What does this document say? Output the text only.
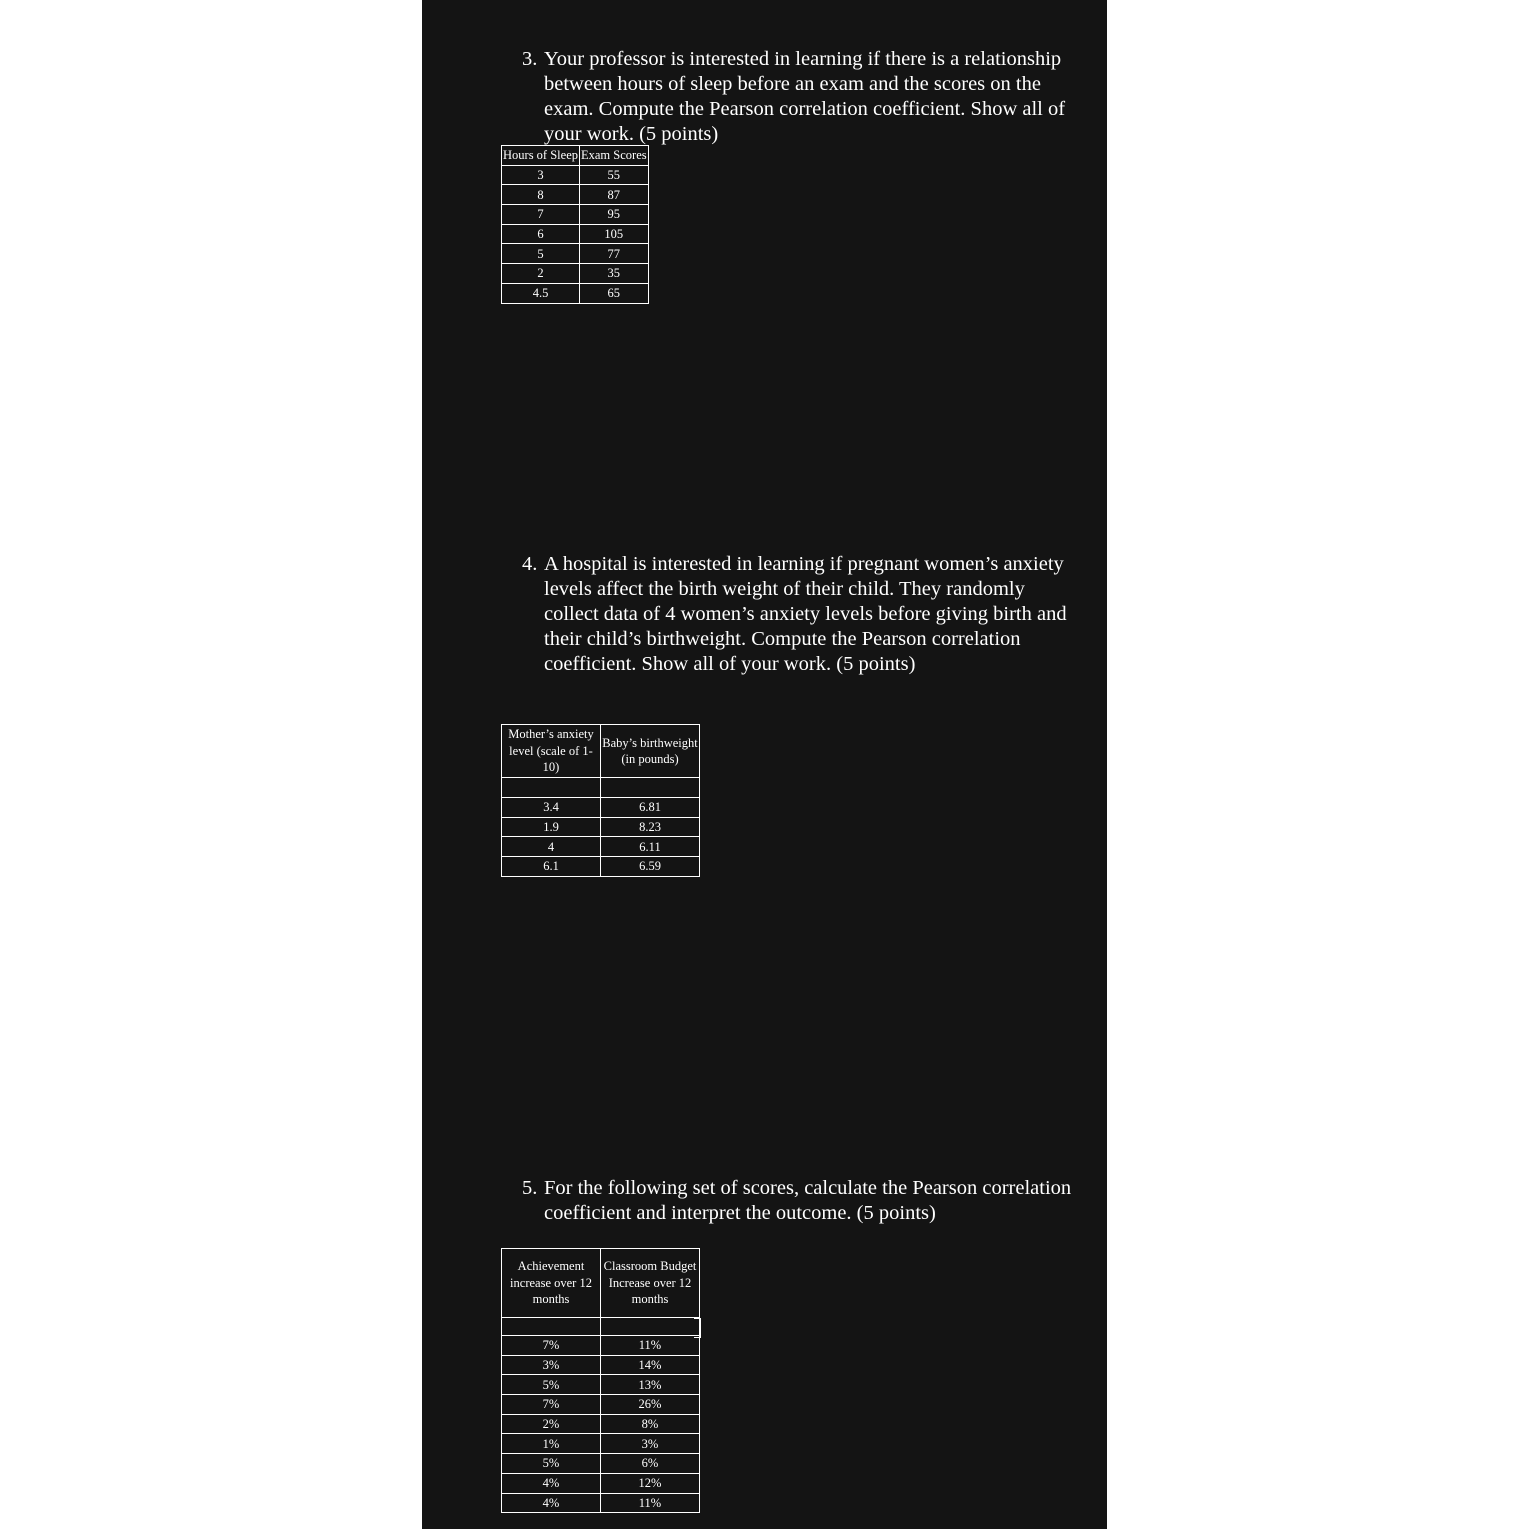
3. Your professor is interested in learning if there is a relationship between hours of sleep before an exam and the scores on the exam. Compute the Pearson correlation coefficient. Show all of your work. (5 points)
Hours of Sleep	Exam Scores
3	55
8	87
7	95
6	105
5	77
2	35
4.5	65
4. A hospital is interested in learning if pregnant women’s anxiety levels affect the birth weight of their child. They randomly collect data of 4 women’s anxiety levels before giving birth and their child’s birthweight. Compute the Pearson correlation coefficient. Show all of your work. (5 points)
Mother’s anxiety level (scale of 1-10)	Baby’s birthweight (in pounds)

3.4	6.81
1.9	8.23
4	6.11
6.1	6.59
5. For the following set of scores, calculate the Pearson correlation coefficient and interpret the outcome. (5 points)
Achievement increase over 12 months	Classroom Budget Increase over 12 months

7%	11%
3%	14%
5%	13%
7%	26%
2%	8%
1%	3%
5%	6%
4%	12%
4%	11%
